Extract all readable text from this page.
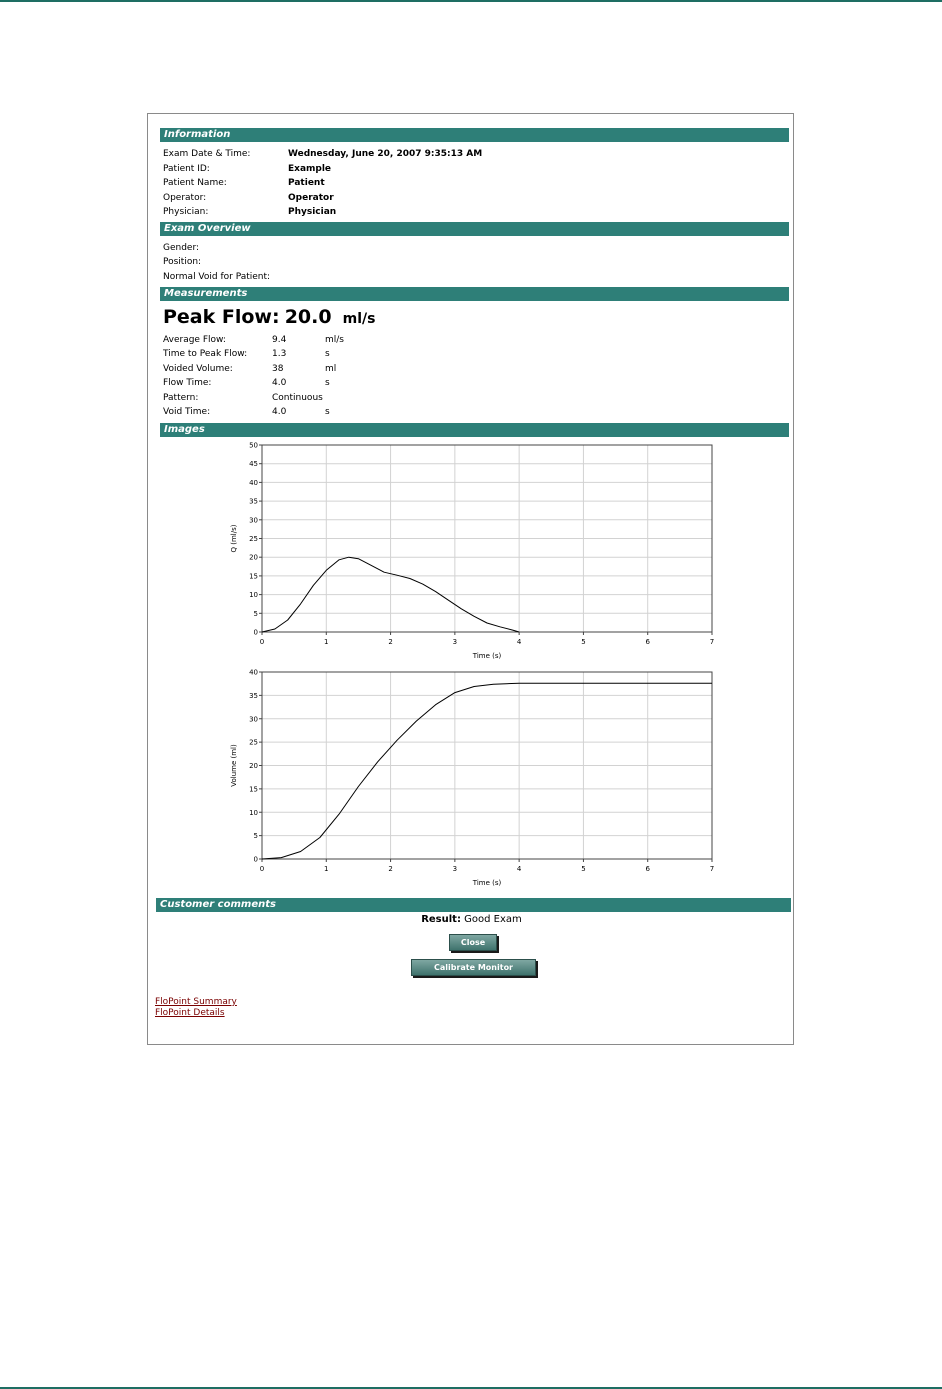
Information
Exam Date & Time:	Wednesday, June 20, 2007 9:35:13 AM
Patient ID:	Example
Patient Name:	Patient
Operator:	Operator
Physician:	Physician
Exam Overview
Gender:
Position:
Normal Void for Patient:
Measurements
Peak Flow: 20.0 ml/s
Average Flow:	9.4	ml/s
Time to Peak Flow:	1.3	s
Voided Volume:	38	ml
Flow Time:	4.0	s
Pattern:	Continuous
Void Time:	4.0	s
Images
0	1	2	3	4	5	6	7
0
5
10
15
20
25
30
35
40
45
50
Time (s)
Q (ml/s)
0	1	2	3	4	5	6	7
0
5
10
15
20
25
30
35
40
Time (s)
Volume (ml)
Customer comments
Result: Good Exam
Close
Calibrate Monitor
FloPoint Summary
FloPoint Details
